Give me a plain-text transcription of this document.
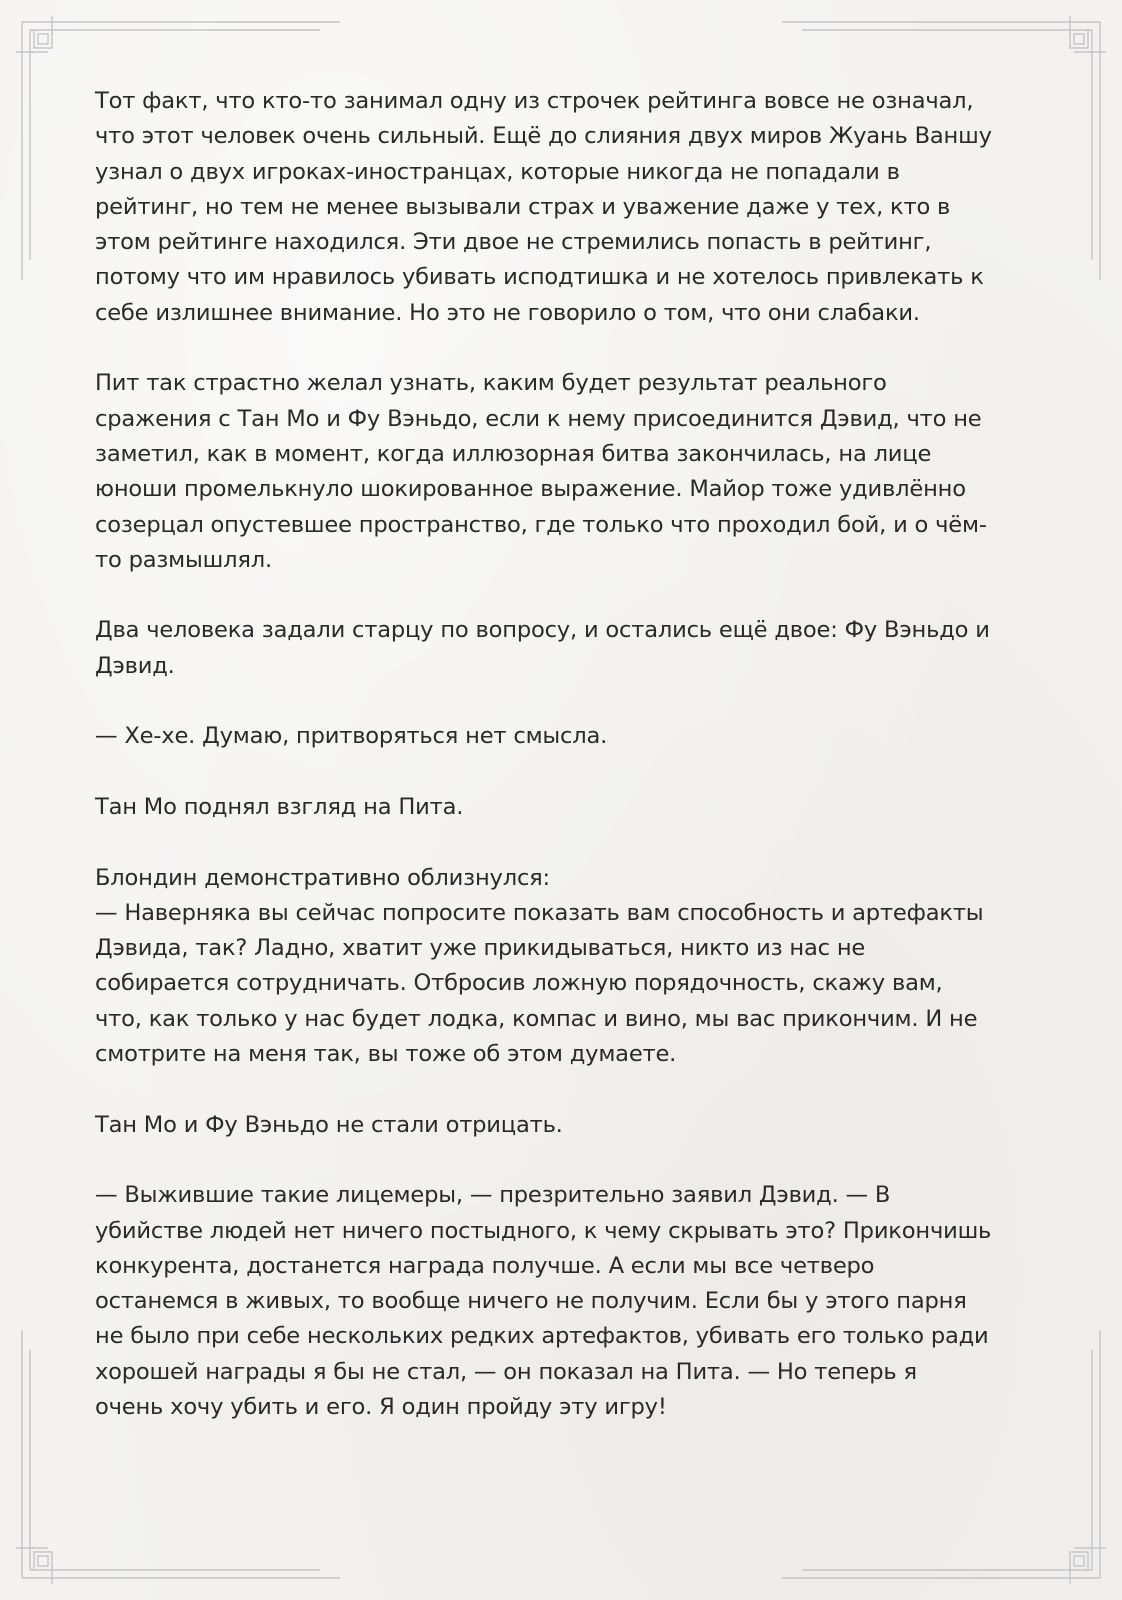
Тот факт, что кто-то занимал одну из строчек рейтинга вовсе не означал,
что этот человек очень сильный. Ещё до слияния двух миров Жуань Ваншу
узнал о двух игроках-иностранцах, которые никогда не попадали в
рейтинг, но тем не менее вызывали страх и уважение даже у тех, кто в
этом рейтинге находился. Эти двое не стремились попасть в рейтинг,
потому что им нравилось убивать исподтишка и не хотелось привлекать к
себе излишнее внимание. Но это не говорило о том, что они слабаки.

Пит так страстно желал узнать, каким будет результат реального
сражения с Тан Мо и Фу Вэньдо, если к нему присоединится Дэвид, что не
заметил, как в момент, когда иллюзорная битва закончилась, на лице
юноши промелькнуло шокированное выражение. Майор тоже удивлённо
созерцал опустевшее пространство, где только что проходил бой, и о чём-
то размышлял.

Два человека задали старцу по вопросу, и остались ещё двое: Фу Вэньдо и
Дэвид.

— Хе-хе. Думаю, притворяться нет смысла.

Тан Мо поднял взгляд на Пита.

Блондин демонстративно облизнулся:
— Наверняка вы сейчас попросите показать вам способность и артефакты
Дэвида, так? Ладно, хватит уже прикидываться, никто из нас не
собирается сотрудничать. Отбросив ложную порядочность, скажу вам,
что, как только у нас будет лодка, компас и вино, мы вас прикончим. И не
смотрите на меня так, вы тоже об этом думаете.

Тан Мо и Фу Вэньдо не стали отрицать.

— Выжившие такие лицемеры, — презрительно заявил Дэвид. — В
убийстве людей нет ничего постыдного, к чему скрывать это? Прикончишь
конкурента, достанется награда получше. А если мы все четверо
останемся в живых, то вообще ничего не получим. Если бы у этого парня
не было при себе нескольких редких артефактов, убивать его только ради
хорошей награды я бы не стал, — он показал на Пита. — Но теперь я
очень хочу убить и его. Я один пройду эту игру!
